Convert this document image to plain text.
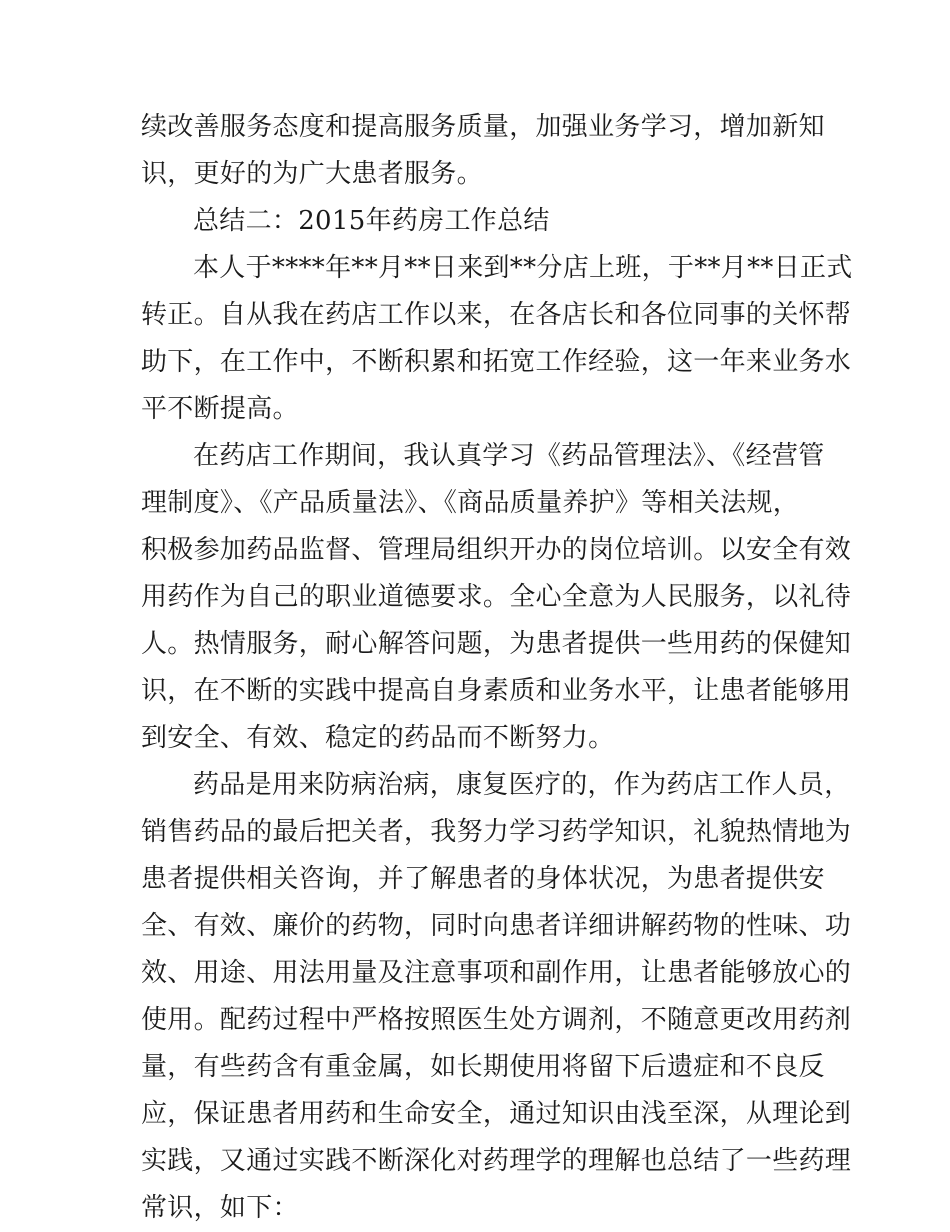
续改善服务态度和提高服务质量，加强业务学习，增加新知
识，更好的为广大患者服务。
总结二：2015年药房工作总结
本人于****年**月**日来到**分店上班，于**月**日正式
转正。自从我在药店工作以来，在各店长和各位同事的关怀帮
助下，在工作中，不断积累和拓宽工作经验，这一年来业务水
平不断提高。
在药店工作期间，我认真学习《药品管理法》、《经营管
理制度》、《产品质量法》、《商品质量养护》等相关法规，
积极参加药品监督、管理局组织开办的岗位培训。以安全有效
用药作为自己的职业道德要求。全心全意为人民服务，以礼待
人。热情服务，耐心解答问题，为患者提供一些用药的保健知
识，在不断的实践中提高自身素质和业务水平，让患者能够用
到安全、有效、稳定的药品而不断努力。
药品是用来防病治病，康复医疗的，作为药店工作人员，
销售药品的最后把关者，我努力学习药学知识，礼貌热情地为
患者提供相关咨询，并了解患者的身体状况，为患者提供安
全、有效、廉价的药物，同时向患者详细讲解药物的性味、功
效、用途、用法用量及注意事项和副作用，让患者能够放心的
使用。配药过程中严格按照医生处方调剂，不随意更改用药剂
量，有些药含有重金属，如长期使用将留下后遗症和不良反
应，保证患者用药和生命安全，通过知识由浅至深，从理论到
实践，又通过实践不断深化对药理学的理解也总结了一些药理
常识，如下：
